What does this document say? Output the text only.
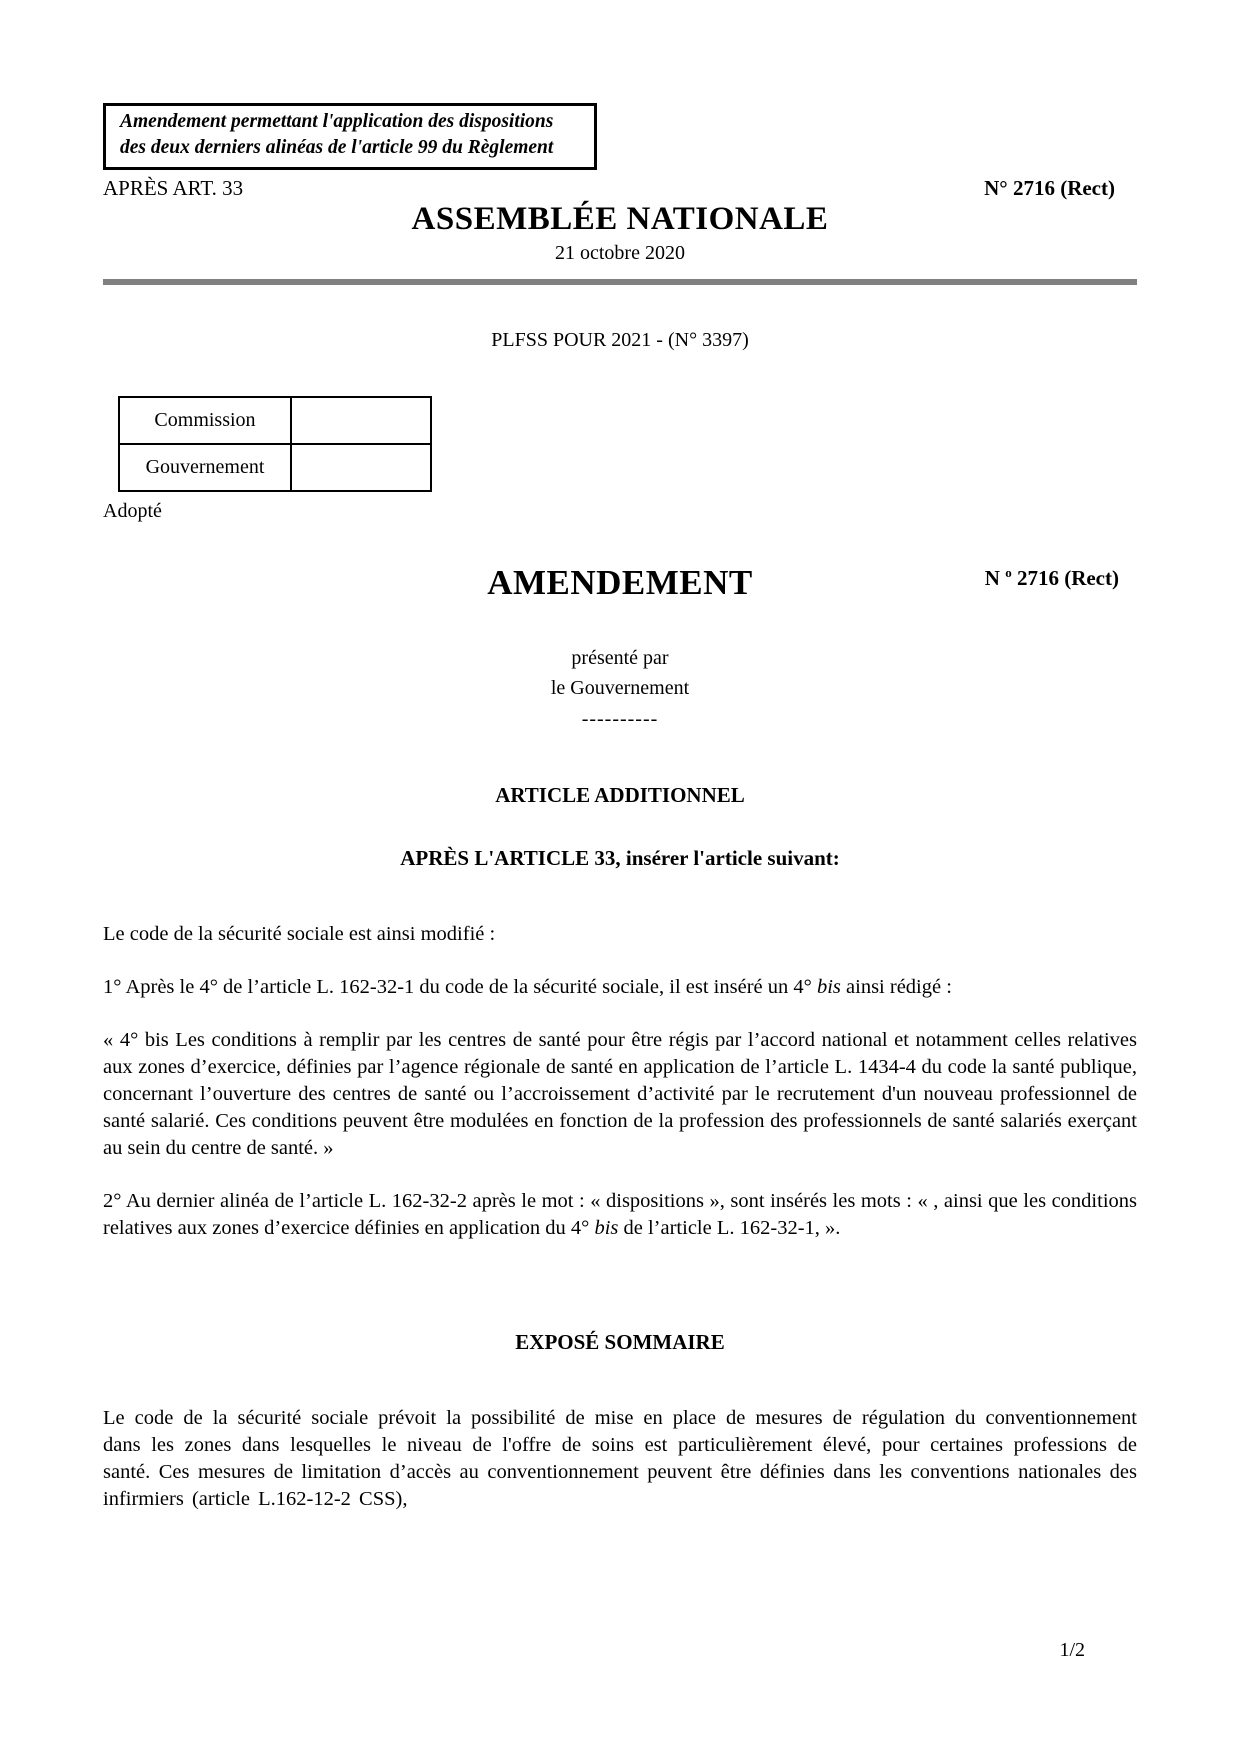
Amendement permettant l'application des dispositions
des deux derniers alinéas de l'article 99 du Règlement
APRÈS ART. 33	N° 2716 (Rect)
ASSEMBLÉE NATIONALE
21 octobre 2020
PLFSS POUR 2021 - (N° 3397)
Commission	
Gouvernement	
Adopté
AMENDEMENT	N $^o$ 2716 (Rect)
présenté par
le Gouvernement
----------
ARTICLE ADDITIONNEL
APRÈS L'ARTICLE 33, insérer l'article suivant:

Le code de la sécurité sociale est ainsi modifié :

1° Après le 4° de l’article L. 162-32-1 du code de la sécurité sociale, il est inséré un 4° bis ainsi rédigé :

« 4° bis Les conditions à remplir par les centres de santé pour être régis par l’accord national et notamment celles relatives aux zones d’exercice, définies par l’agence régionale de santé en application de l’article L. 1434-4 du code la santé publique, concernant l’ouverture des centres de santé ou l’accroissement d’activité par le recrutement d'un nouveau professionnel de santé salarié. Ces conditions peuvent être modulées en fonction de la profession des professionnels de santé salariés exerçant au sein du centre de santé. »

2° Au dernier alinéa de l’article L. 162-32-2 après le mot : « dispositions », sont insérés les mots : « , ainsi que les conditions relatives aux zones d’exercice définies en application du 4° bis de l’article L. 162-32-1, ».

EXPOSÉ SOMMAIRE

Le code de la sécurité sociale prévoit la possibilité de mise en place de mesures de régulation du conventionnement dans les zones dans lesquelles le niveau de l'offre de soins est particulièrement élevé, pour certaines professions de santé. Ces mesures de limitation d’accès au conventionnement peuvent être définies dans les conventions nationales des infirmiers (article L.162-12-2 CSS),

1/2
